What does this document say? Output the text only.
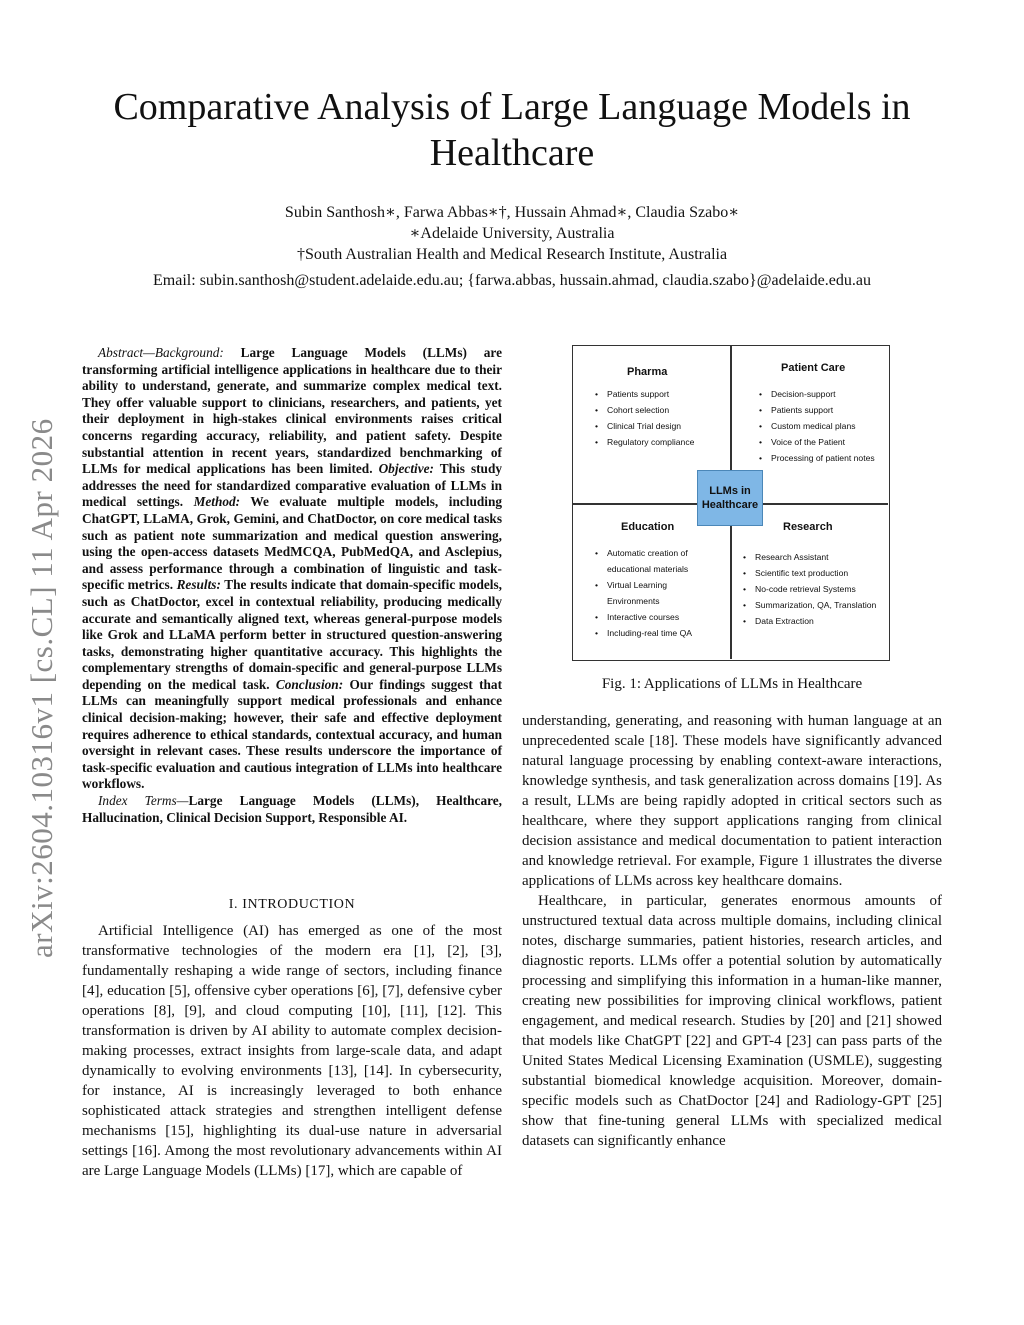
arXiv:2604.10316v1 [cs.CL] 11 Apr 2026
Comparative Analysis of Large Language Models in Healthcare
Subin Santhosh∗, Farwa Abbas∗†, Hussain Ahmad∗, Claudia Szabo∗
∗Adelaide University, Australia
†South Australian Health and Medical Research Institute, Australia
Email: subin.santhosh@student.adelaide.edu.au; {farwa.abbas, hussain.ahmad, claudia.szabo}@adelaide.edu.au

Abstract—Background: Large Language Models (LLMs) are transforming artificial intelligence applications in healthcare due to their ability to understand, generate, and summarize complex medical text. They offer valuable support to clinicians, researchers, and patients, yet their deployment in high-stakes clinical environments raises critical concerns regarding accuracy, reliability, and patient safety. Despite substantial attention in recent years, standardized benchmarking of LLMs for medical applications has been limited. Objective: This study addresses the need for standardized comparative evaluation of LLMs in medical settings. Method: We evaluate multiple models, including ChatGPT, LLaMA, Grok, Gemini, and ChatDoctor, on core medical tasks such as patient note summarization and medical question answering, using the open-access datasets MedMCQA, PubMedQA, and Asclepius, and assess performance through a combination of linguistic and task-specific metrics. Results: The results indicate that domain-specific models, such as ChatDoctor, excel in contextual reliability, producing medically accurate and semantically aligned text, whereas general-purpose models like Grok and LLaMA perform better in structured question-answering tasks, demonstrating higher quantitative accuracy. This highlights the complementary strengths of domain-specific and general-purpose LLMs depending on the medical task. Conclusion: Our findings suggest that LLMs can meaningfully support medical professionals and enhance clinical decision-making; however, their safe and effective deployment requires adherence to ethical standards, contextual accuracy, and human oversight in relevant cases. These results underscore the importance of task-specific evaluation and cautious integration of LLMs into healthcare workflows.

Index Terms—Large Language Models (LLMs), Healthcare, Hallucination, Clinical Decision Support, Responsible AI.

I. INTRODUCTION

Artificial Intelligence (AI) has emerged as one of the most transformative technologies of the modern era [1], [2], [3], fundamentally reshaping a wide range of sectors, including finance [4], education [5], offensive cyber operations [6], [7], defensive cyber operations [8], [9], and cloud computing [10], [11], [12]. This transformation is driven by AI ability to automate complex decision-making processes, extract insights from large-scale data, and adapt dynamically to evolving environments [13], [14]. In cybersecurity, for instance, AI is increasingly leveraged to both enhance sophisticated attack strategies and strengthen intelligent defense mechanisms [15], highlighting its dual-use nature in adversarial settings [16]. Among the most revolutionary advancements within AI are Large Language Models (LLMs) [17], which are capable of

Pharma
• Patients support
• Cohort selection
• Clinical Trial design
• Regulatory compliance
Patient Care
• Decision-support
• Patients support
• Custom medical plans
• Voice of the Patient
• Processing of patient notes
Education
• Automatic creation of
educational materials
• Virtual Learning
Environments
• Interactive courses
• Including-real time QA
Research
• Research Assistant
• Scientific text production
• No-code retrieval Systems
• Summarization, QA, Translation
• Data Extraction
LLMs in Healthcare
Fig. 1: Applications of LLMs in Healthcare

understanding, generating, and reasoning with human language at an unprecedented scale [18]. These models have significantly advanced natural language processing by enabling context-aware interactions, knowledge synthesis, and task generalization across domains [19]. As a result, LLMs are being rapidly adopted in critical sectors such as healthcare, where they support applications ranging from clinical decision assistance and medical documentation to patient interaction and knowledge retrieval. For example, Figure 1 illustrates the diverse applications of LLMs across key healthcare domains.

Healthcare, in particular, generates enormous amounts of unstructured textual data across multiple domains, including clinical notes, discharge summaries, patient histories, research articles, and diagnostic reports. LLMs offer a potential solution by automatically processing and simplifying this information in a human-like manner, creating new possibilities for improving clinical workflows, patient engagement, and medical research. Studies by [20] and [21] showed that models like ChatGPT [22] and GPT-4 [23] can pass parts of the United States Medical Licensing Examination (USMLE), suggesting substantial biomedical knowledge acquisition. Moreover, domain-specific models such as ChatDoctor [24] and Radiology-GPT [25] show that fine-tuning general LLMs with specialized medical datasets can significantly enhance
